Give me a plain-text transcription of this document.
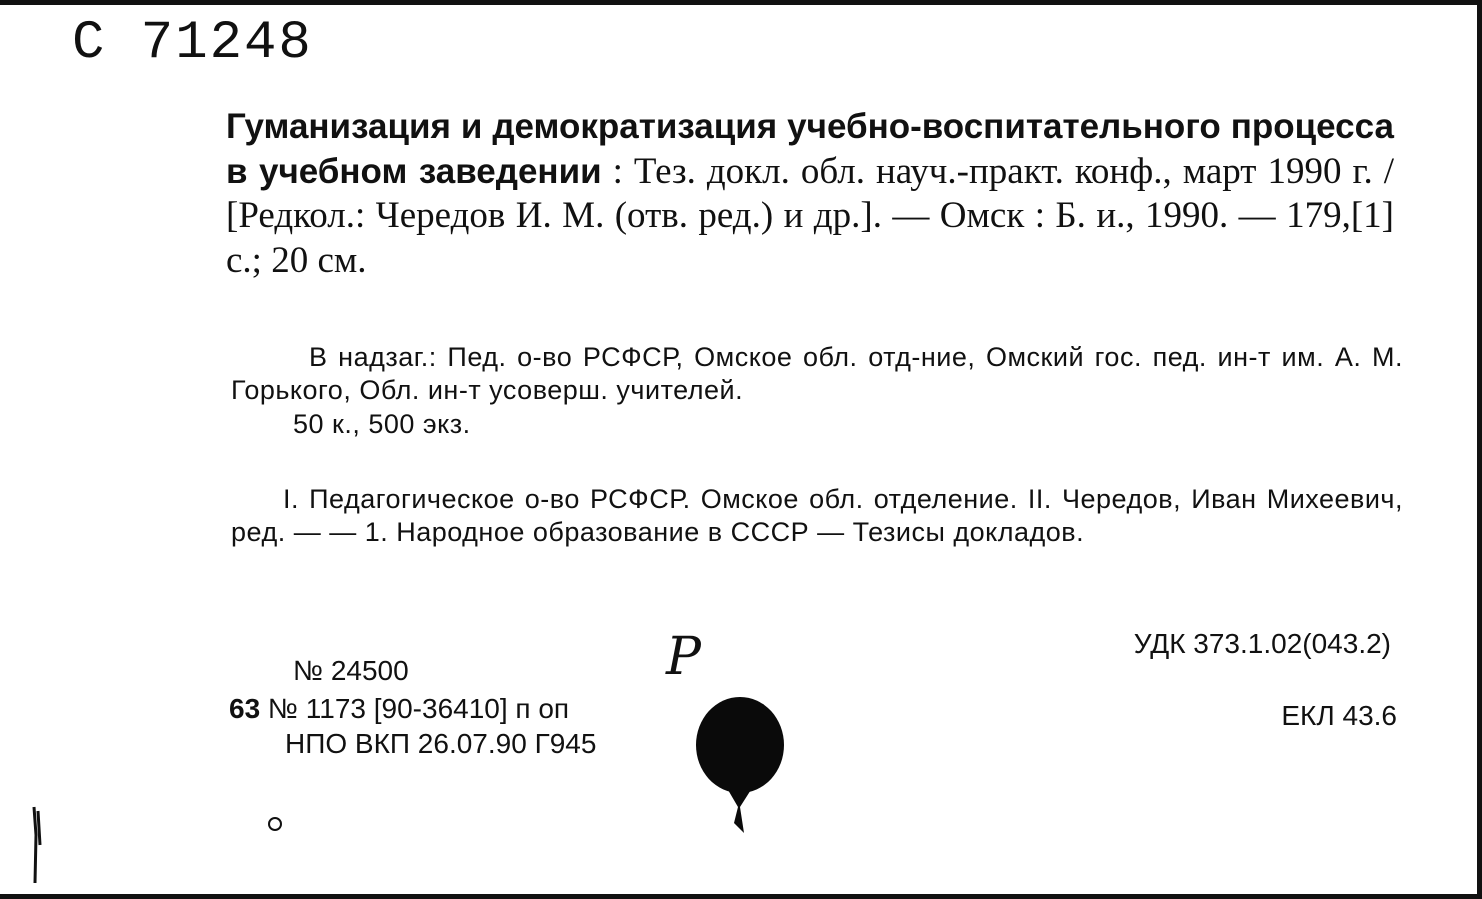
С 71248
Гуманизация и демократизация учебно-воспитательного процесса в учебном заведении : Тез. докл. обл. науч.-практ. конф., март 1990 г. / [Редкол.: Чередов И. М. (отв. ред.) и др.]. — Омск : Б. и., 1990. — 179,[1] с.; 20 см.
В надзаг.: Пед. о-во РСФСР, Омское обл. отд-ние, Омский гос. пед. ин-т им. А. М. Горького, Обл. ин-т усоверш. учителей.
50 к., 500 экз.
I. Педагогическое о-во РСФСР. Омское обл. отделение. II. Чередов, Иван Михеевич, ред. — — 1. Народное образование в СССР — Тезисы докладов.
УДК 373.1.02(043.2)
ЕКЛ 43.6
№ 24500
63 № 1173 [90-36410] п оп
НПО ВКП 26.07.90 Г945
Р
